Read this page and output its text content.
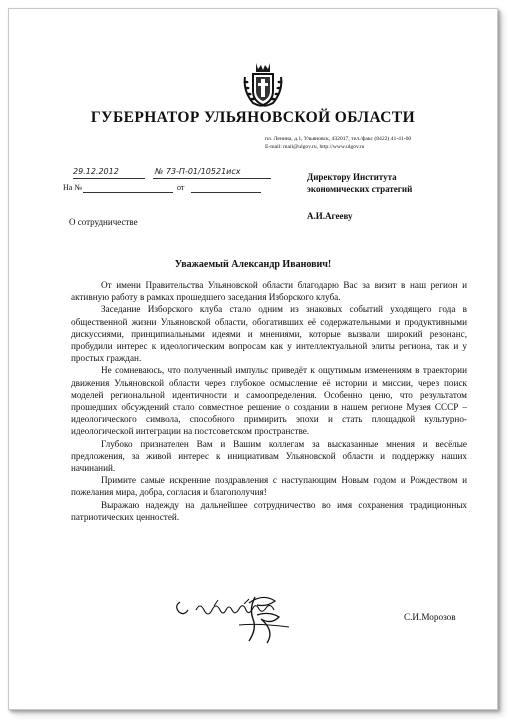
ГУБЕРНАТОР УЛЬЯНОВСКОЙ ОБЛАСТИ
пл. Ленина, д.1, Ульяновск, 432017, тел./факс (8422) 41-41-60
E-mail: mail@ulgov.ru, http://www.ulgov.ru
29.12.2012	№ 73-П-01/10521исх
На №	от
Директору Института
экономических стратегий
А.И.Агееву
О сотрудничестве
Уважаемый Александр Иванович!

От имени Правительства Ульяновской области благодарю Вас за визит в наш регион и активную работу в рамках прошедшего заседания Изборского клуба.

Заседание Изборского клуба стало одним из знаковых событий уходящего года в общественной жизни Ульяновской области, обогативших её содержательными и продуктивными дискуссиями, принципиальными идеями и мнениями, которые вызвали широкий резонанс, пробудили интерес к идеологическим вопросам как у интеллектуальной элиты региона, так и у простых граждан.

Не сомневаюсь, что полученный импульс приведёт к ощутимым изменениям в траектории движения Ульяновской области через глубокое осмысление её истории и миссии, через поиск моделей региональной идентичности и самоопределения. Особенно ценю, что результатом прошедших обсуждений стало совместное решение о создании в нашем регионе Музея СССР – идеологического символа, способного примирить эпохи и стать площадкой культурно-идеологической интеграции на постсоветском пространстве.

Глубоко признателен Вам и Вашим коллегам за высказанные мнения и весёлые предложения, за живой интерес к инициативам Ульяновской области и поддержку наших начинаний.

Примите самые искренние поздравления с наступающим Новым годом и Рождеством и пожелания мира, добра, согласия и благополучия!

Выражаю надежду на дальнейшее сотрудничество во имя сохранения традиционных патриотических ценностей.

С.И.Морозов
